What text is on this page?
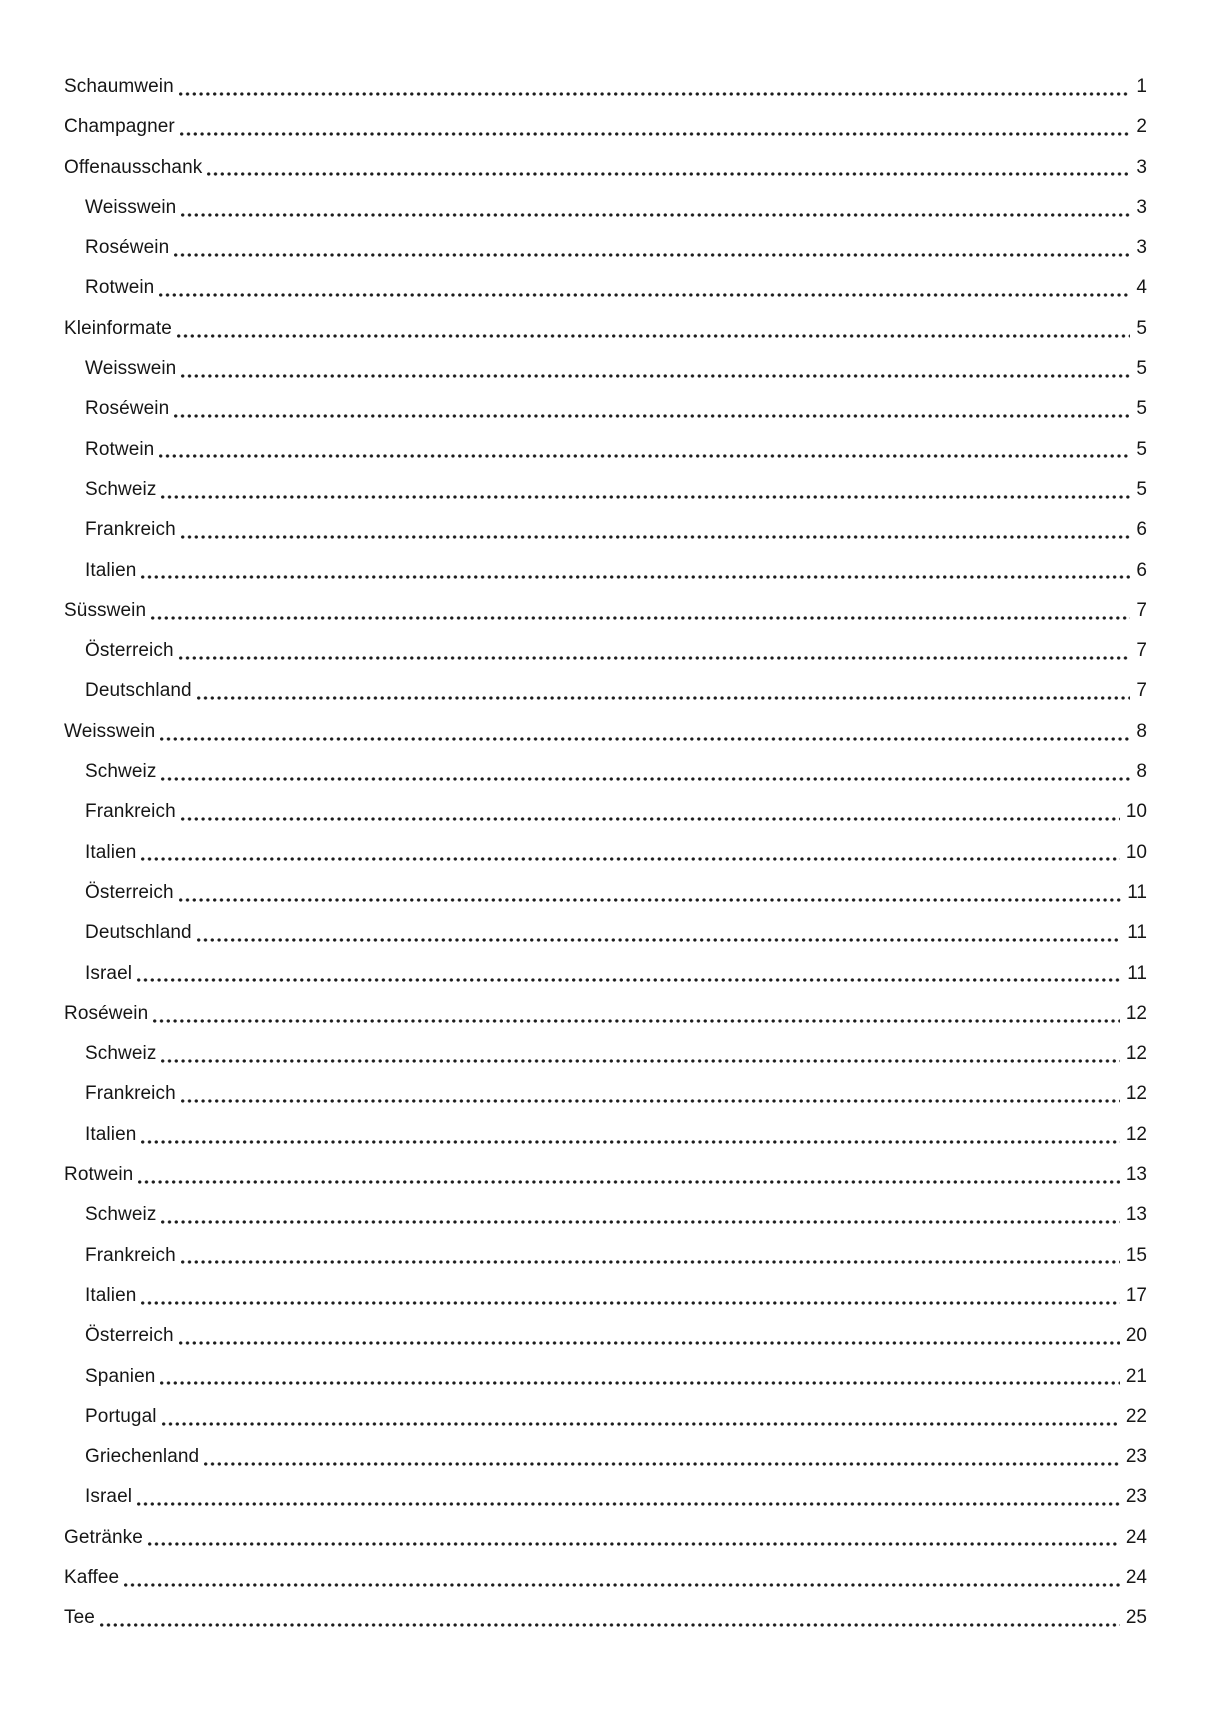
Schaumwein	1
Champagner	2
Offenausschank	3
Weisswein	3
Roséwein	3
Rotwein	4
Kleinformate	5
Weisswein	5
Roséwein	5
Rotwein	5
Schweiz	5
Frankreich	6
Italien	6
Süsswein	7
Österreich	7
Deutschland	7
Weisswein	8
Schweiz	8
Frankreich	10
Italien	10
Österreich	11
Deutschland	11
Israel	11
Roséwein	12
Schweiz	12
Frankreich	12
Italien	12
Rotwein	13
Schweiz	13
Frankreich	15
Italien	17
Österreich	20
Spanien	21
Portugal	22
Griechenland	23
Israel	23
Getränke	24
Kaffee	24
Tee	25
